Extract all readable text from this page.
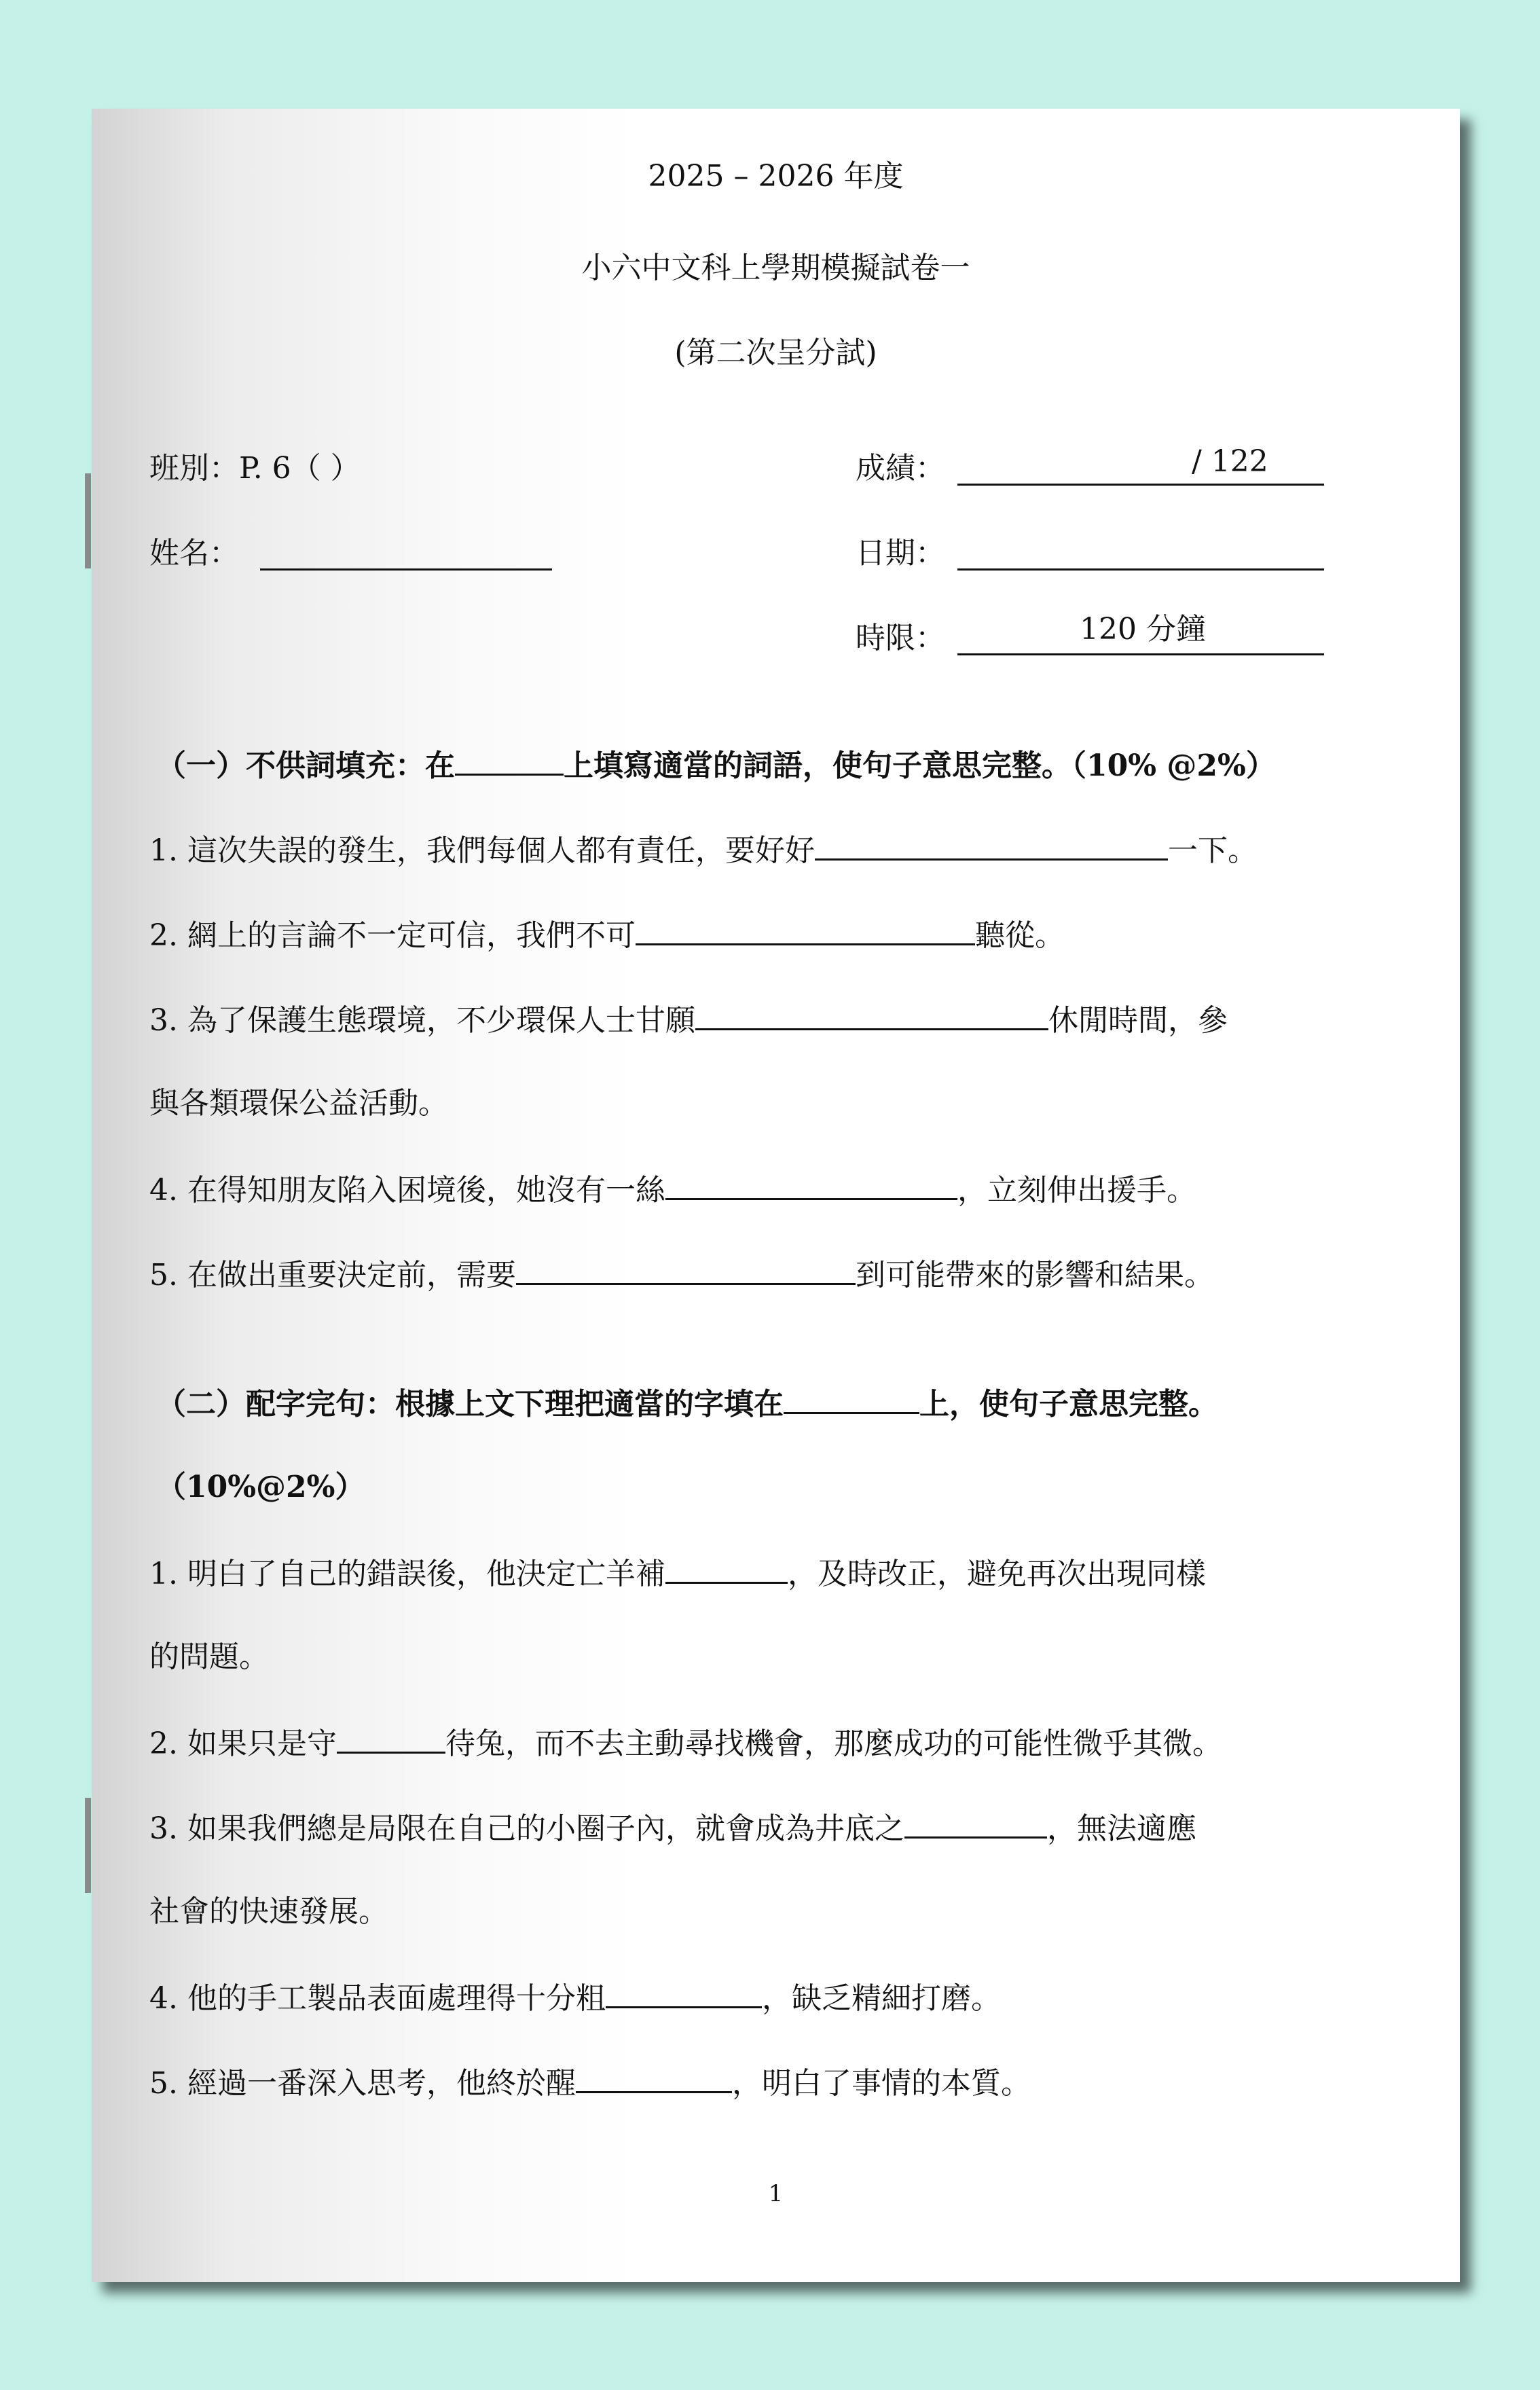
2025 – 2026 年度
小六中文科上學期模擬試卷一
(第二次呈分試)
班別：P. 6（ ）	成績：	/ 122
姓名：	日期：
時限：	120 分鐘
（一）不供詞填充：在	上填寫適當的詞語，使句子意思完整。（10% @2%）
1. 這次失誤的發生，我們每個人都有責任，要好好	一下。
2. 網上的言論不一定可信，我們不可	聽從。
3. 為了保護生態環境，不少環保人士甘願	休閒時間，參
與各類環保公益活動。
4. 在得知朋友陷入困境後，她沒有一絲	，立刻伸出援手。
5. 在做出重要決定前，需要	到可能帶來的影響和結果。
（二）配字完句：根據上文下理把適當的字填在	上，使句子意思完整。
（10%@2%）
1. 明白了自己的錯誤後，他決定亡羊補	，及時改正，避免再次出現同樣
的問題。
2. 如果只是守	待兔，而不去主動尋找機會，那麼成功的可能性微乎其微。
3. 如果我們總是局限在自己的小圈子內，就會成為井底之	，無法適應
社會的快速發展。
4. 他的手工製品表面處理得十分粗	，缺乏精細打磨。
5. 經過一番深入思考，他終於醒	，明白了事情的本質。
1
